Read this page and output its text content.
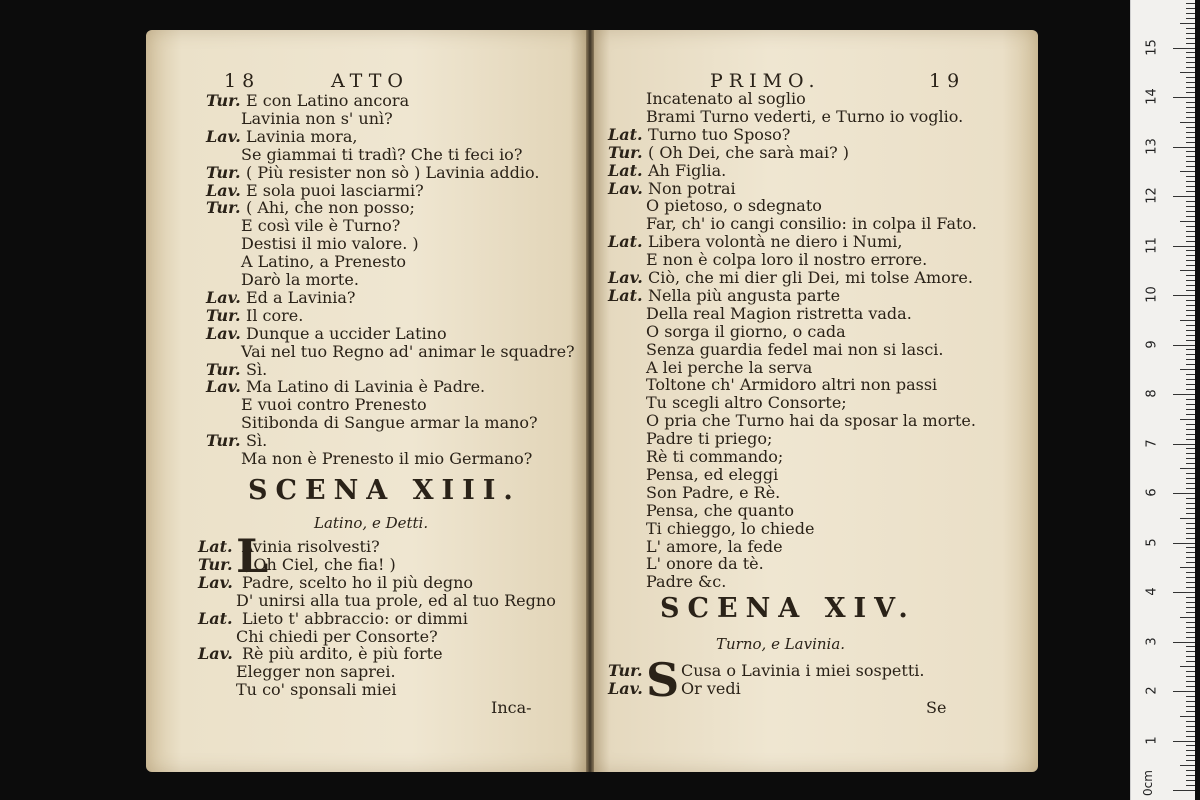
18	ATTO
Tur. E con Latino ancora
Lavinia non s' unì?
Lav. Lavinia mora,
Se giammai ti tradì? Che ti feci io?
Tur. ( Più resister non sò ) Lavinia addio.
Lav. E sola puoi lasciarmi?
Tur. ( Ahi, che non posso;
E così vile è Turno?
Destisi il mio valore. )
A Latino, a Prenesto
Darò la morte.
Lav. Ed a Lavinia?
Tur. Il core.
Lav. Dunque a uccider Latino
Vai nel tuo Regno ad' animar le squadre?
Tur. Sì.
Lav. Ma Latino di Lavinia è Padre.
E vuoi contro Prenesto
Sitibonda di Sangue armar la mano?
Tur. Sì.
Ma non è Prenesto il mio Germano?
SCENA XIII.
Latino, e Detti.
L
Lat. Avinia risolvesti?
Tur. ( Oh Ciel, che fia! )
Lav. Padre, scelto ho il più degno
D' unirsi alla tua prole, ed al tuo Regno
Lat. Lieto t' abbraccio: or dimmi
Chi chiedi per Consorte?
Lav. Rè più ardito, è più forte
Elegger non saprei.
Tu co' sponsali miei
Inca-
PRIMO.	19
Incatenato al soglio
Brami Turno vederti, e Turno io voglio.
Lat. Turno tuo Sposo?
Tur. ( Oh Dei, che sarà mai? )
Lat. Ah Figlia.
Lav. Non potrai
O pietoso, o sdegnato
Far, ch' io cangi consilio: in colpa il Fato.
Lat. Libera volontà ne diero i Numi,
E non è colpa loro il nostro errore.
Lav. Ciò, che mi dier gli Dei, mi tolse Amore.
Lat. Nella più angusta parte
Della real Magion ristretta vada.
O sorga il giorno, o cada
Senza guardia fedel mai non si lasci.
A lei perche la serva
Toltone ch' Armidoro altri non passi
Tu scegli altro Consorte;
O pria che Turno hai da sposar la morte.
Padre ti priego;
Rè ti commando;
Pensa, ed eleggi
Son Padre, e Rè.
Pensa, che quanto
Ti chieggo, lo chiede
L' amore, la fede
L' onore da tè.
Padre &c.
SCENA XIV.
Turno, e Lavinia.
S
Tur. Cusa o Lavinia i miei sospetti.
Lav. Or vedi
Se
0cm
1
2
3
4
5
6
7
8
9
10
11
12
13
14
15
